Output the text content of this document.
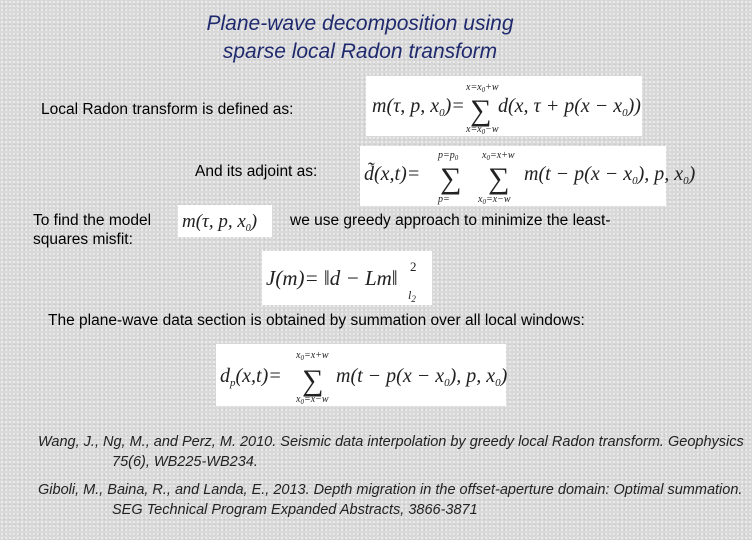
Plane-wave decomposition using
sparse local Radon transform
Local Radon transform is defined as:	m(τ, p, $x_0)=$
$x=x_0+w$
∑
$x=x_0-w$
d(x, $\tau + p(x - x_0)$)
And its adjoint as: d̃(x,t)=
$p=p_0$
∑
p=
$x_0=x+w$
∑
$x_0=x-w$
$m(t - p(x - x_0)$, p, $x_0$)
To find the model m(τ, p, $x_0$) we use greedy approach to minimize the least-
squares misfit:
J(m)= ‖d − Lm‖ 2
$l_2$
The plane-wave data section is obtained by summation over all local windows:
$d_p(x,t)=$
$x_0=x+w$
∑
$x_0=x-w$
$m(t - p(x - x_0)$, p, $x_0$)
Wang, J., Ng, M., and Perz, M. 2010. Seismic data interpolation by greedy local Radon transform. Geophysics 75(6), WB225-WB234.
Giboli, M., Baina, R., and Landa, E., 2013. Depth migration in the offset-aperture domain: Optimal summation. SEG Technical Program Expanded Abstracts, 3866-3871
